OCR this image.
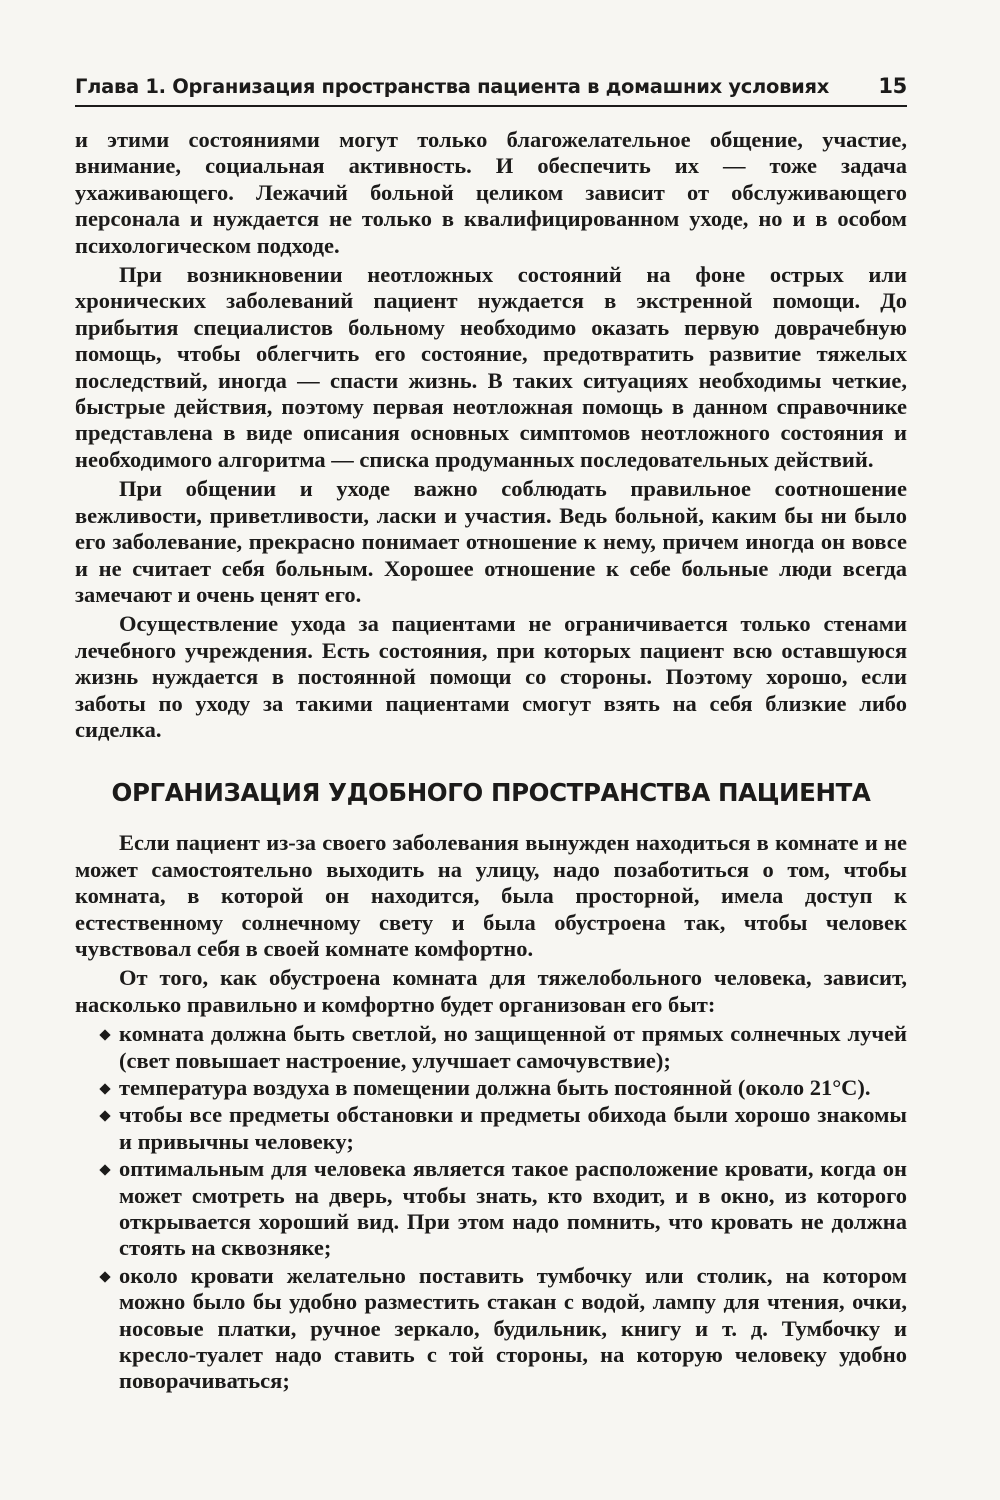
Глава 1. Организация пространства пациента в домашних условиях 15

и этими состояниями могут только благожелательное общение, участие, внимание, социальная активность. И обеспечить их — тоже задача ухаживающего. Лежачий больной целиком зависит от обслуживающего персонала и нуждается не только в квалифицированном уходе, но и в особом психологическом подходе.

При возникновении неотложных состояний на фоне острых или хронических заболеваний пациент нуждается в экстренной помощи. До прибытия специалистов больному необходимо оказать первую доврачебную помощь, чтобы облегчить его состояние, предотвратить развитие тяжелых последствий, иногда — спасти жизнь. В таких ситуациях необходимы четкие, быстрые действия, поэтому первая неотложная помощь в данном справочнике представлена в виде описания основных симптомов неотложного состояния и необходимого алгоритма — списка продуманных последовательных действий.

При общении и уходе важно соблюдать правильное соотношение вежливости, приветливости, ласки и участия. Ведь больной, каким бы ни было его заболевание, прекрасно понимает отношение к нему, причем иногда он вовсе и не считает себя больным. Хорошее отношение к себе больные люди всегда замечают и очень ценят его.

Осуществление ухода за пациентами не ограничивается только стенами лечебного учреждения. Есть состояния, при которых пациент всю оставшуюся жизнь нуждается в постоянной помощи со стороны. Поэтому хорошо, если заботы по уходу за такими пациентами смогут взять на себя близкие либо сиделка.

ОРГАНИЗАЦИЯ УДОБНОГО ПРОСТРАНСТВА ПАЦИЕНТА

Если пациент из-за своего заболевания вынужден находиться в комнате и не может самостоятельно выходить на улицу, надо позаботиться о том, чтобы комната, в которой он находится, была просторной, имела доступ к естественному солнечному свету и была обустроена так, чтобы человек чувствовал себя в своей комнате комфортно.

От того, как обустроена комната для тяжелобольного человека, зависит, насколько правильно и комфортно будет организован его быт:

комната должна быть светлой, но защищенной от прямых солнечных лучей (свет повышает настроение, улучшает самочувствие);
температура воздуха в помещении должна быть постоянной (около 21°С).
чтобы все предметы обстановки и предметы обихода были хорошо знакомы и привычны человеку;
оптимальным для человека является такое расположение кровати, когда он может смотреть на дверь, чтобы знать, кто входит, и в окно, из которого открывается хороший вид. При этом надо помнить, что кровать не должна стоять на сквозняке;
около кровати желательно поставить тумбочку или столик, на котором можно было бы удобно разместить стакан с водой, лампу для чтения, очки, носовые платки, ручное зеркало, будильник, книгу и т. д. Тумбочку и кресло-туалет надо ставить с той стороны, на которую человеку удобно поворачиваться;
